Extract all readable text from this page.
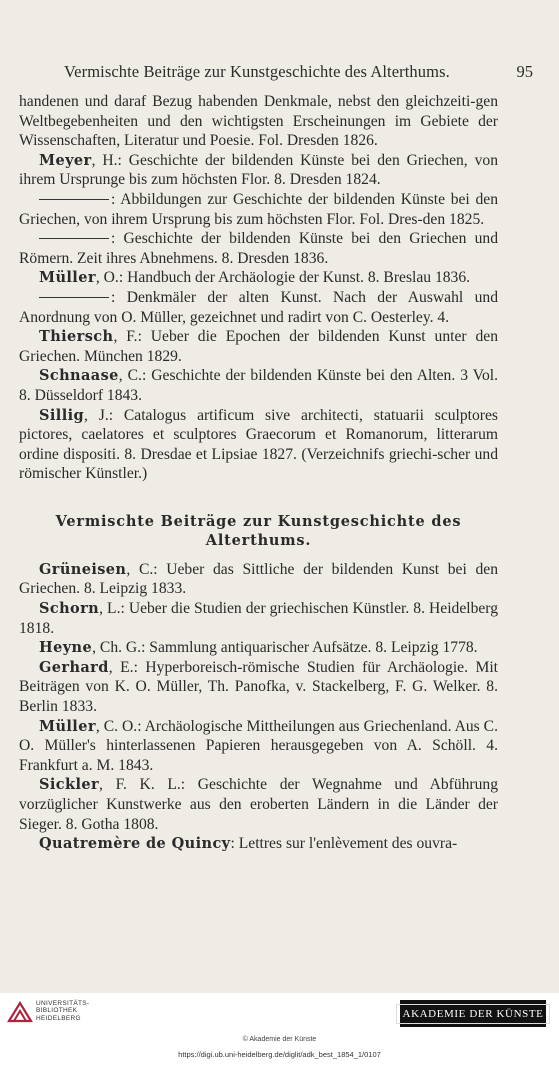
Vermischte Beiträge zur Kunstgeschichte des Alterthums.	95

handenen und daraf Bezug habenden Denkmale, nebst den gleichzeiti-gen Weltbegebenheiten und den wichtigsten Erscheinungen im Gebiete der Wissenschaften, Literatur und Poesie. Fol. Dresden 1826.

Meyer, H.: Geschichte der bildenden Künste bei den Griechen, von ihrem Ursprunge bis zum höchsten Flor. 8. Dresden 1824.

: Abbildungen zur Geschichte der bildenden Künste bei den Griechen, von ihrem Ursprung bis zum höchsten Flor. Fol. Dres-den 1825.

: Geschichte der bildenden Künste bei den Griechen und Römern. Zeit ihres Abnehmens. 8. Dresden 1836.

Müller, O.: Handbuch der Archäologie der Kunst. 8. Breslau 1836.

: Denkmäler der alten Kunst. Nach der Auswahl und Anordnung von O. Müller, gezeichnet und radirt von C. Oesterley. 4.

Thiersch, F.: Ueber die Epochen der bildenden Kunst unter den Griechen. München 1829.

Schnaase, C.: Geschichte der bildenden Künste bei den Alten. 3 Vol. 8. Düsseldorf 1843.

Sillig, J.: Catalogus artificum sive architecti, statuarii sculptores pictores, caelatores et sculptores Graecorum et Romanorum, litterarum ordine dispositi. 8. Dresdae et Lipsiae 1827. (Verzeichnifs griechi-scher und römischer Künstler.)

Vermischte Beiträge zur Kunstgeschichte des Alterthums.

Grüneisen, C.: Ueber das Sittliche der bildenden Kunst bei den Griechen. 8. Leipzig 1833.

Schorn, L.: Ueber die Studien der griechischen Künstler. 8. Heidelberg 1818.

Heyne, Ch. G.: Sammlung antiquarischer Aufsätze. 8. Leipzig 1778.

Gerhard, E.: Hyperboreisch-römische Studien für Archäologie. Mit Beiträgen von K. O. Müller, Th. Panofka, v. Stackelberg, F. G. Welker. 8. Berlin 1833.

Müller, C. O.: Archäologische Mittheilungen aus Griechenland. Aus C. O. Müller's hinterlassenen Papieren herausgegeben von A. Schöll. 4. Frankfurt a. M. 1843.

Sickler, F. K. L.: Geschichte der Wegnahme und Abführung vorzüglicher Kunstwerke aus den eroberten Ländern in die Länder der Sieger. 8. Gotha 1808.

Quatremère de Quincy: Lettres sur l'enlèvement des ouvra-

UNIVERSITÄTS-
BIBLIOTHEK
HEIDELBERG	AKADEMIE DER KÜNSTE
© Akademie der Künste
https://digi.ub.uni-heidelberg.de/diglit/adk_best_1854_1/0107
